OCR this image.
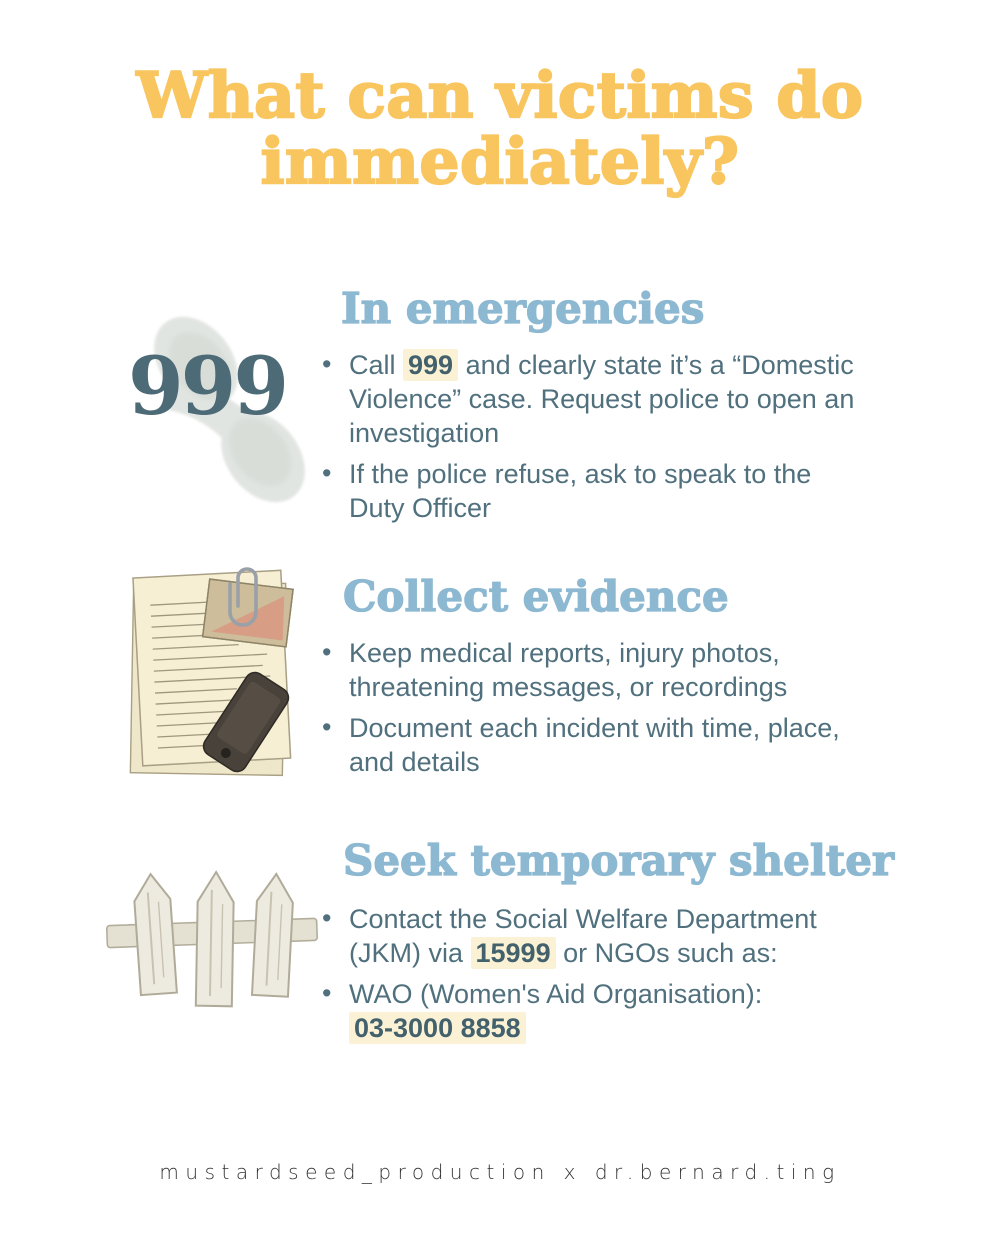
What can victims do
immediately?
999
In emergencies
• Call 999 and clearly state it’s a “Domestic Violence” case. Request police to open an investigation
• If the police refuse, ask to speak to the Duty Officer
Collect evidence
• Keep medical reports, injury photos, threatening messages, or recordings
• Document each incident with time, place, and details
Seek temporary shelter
• Contact the Social Welfare Department (JKM) via 15999 or NGOs such as:
• WAO (Women's Aid Organisation):
03-3000 8858
mustardseed_production x dr.bernard.ting
